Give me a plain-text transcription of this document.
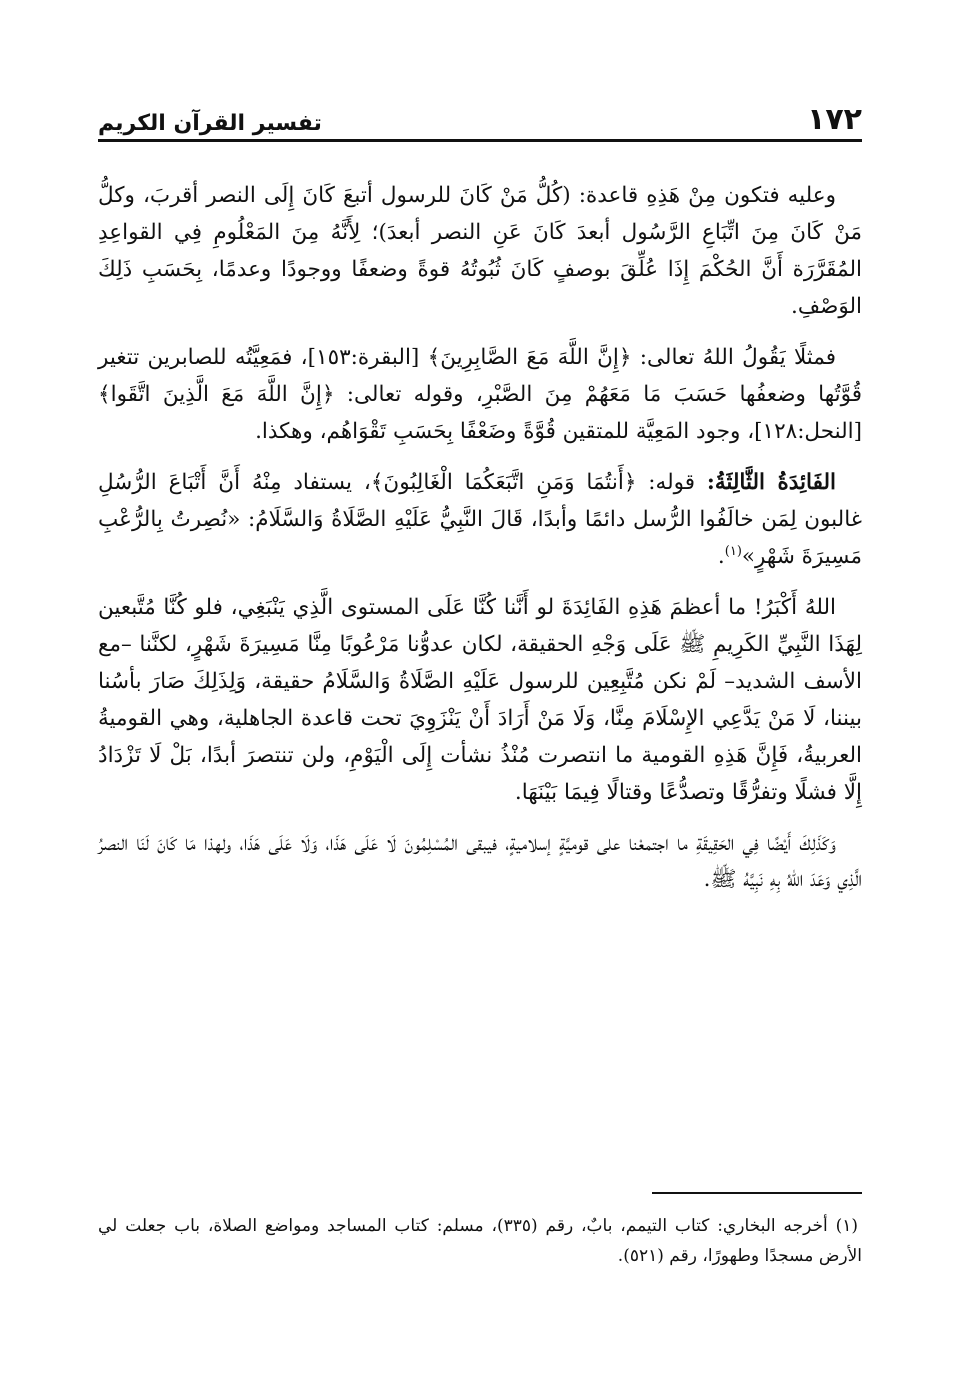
١٧٢
تفسير القرآن الكريم

وعليه فتكون مِنْ هَذِهِ قاعدة: (كُلُّ مَنْ كَانَ للرسول أتبعَ كَانَ إِلَى النصر أقربَ، وكلُّ مَنْ كَانَ مِنَ اتِّبَاعِ الرَّسُول أبعدَ كَانَ عَنِ النصر أبعدَ)؛ لِأَنَّهُ مِنَ المَعْلُومِ فِي القواعِدِ المُقَرَّرَة أَنَّ الحُكْمَ إِذَا عُلِّقَ بوصفٍ كَانَ ثُبُوتُهُ قوةً وضعفًا ووجودًا وعدمًا، بِحَسَبِ ذَلِكَ الوَصْفِ.

فمثلًا يَقُولُ اللهُ تعالى: ﴿إِنَّ اللَّهَ مَعَ الصَّابِرِينَ﴾ [البقرة:١٥٣]، فمَعِيَّتُه للصابرين تتغير قُوَّتُها وضعفُها حَسَبَ مَا مَعَهُمْ مِنَ الصَّبْرِ، وقوله تعالى: ﴿إِنَّ اللَّهَ مَعَ الَّذِينَ اتَّقَوا﴾ [النحل:١٢٨]، وجود المَعِيَّة للمتقين قُوَّةً وضَعْفًا بِحَسَبِ تَقْوَاهُم، وهكذا.

الفَائِدَةُ الثَّالِثَةُ: قوله: ﴿أَنتُمَا وَمَنِ اتَّبَعَكُمَا الْغَالِبُونَ﴾، يستفاد مِنْهُ أَنَّ أَتْبَاعَ الرُّسُلِ غالبون لِمَن خالَفُوا الرُّسل دائمًا وأبدًا، قَالَ النَّبِيُّ عَلَيْهِ الصَّلَاةُ وَالسَّلَامُ: «نُصِرتُ بِالرُّعْبِ مَسِيرَةَ شَهْرٍ»$^{(١)}$.

اللهُ أَكْبَرُ! ما أعظمَ هَذِهِ الفَائِدَةَ لو أَنَّنا كُنَّا عَلَى المستوى الَّذِي يَنْبَغِي، فلو كُنَّا مُتَّبعين لِهَذَا النَّبِيِّ الكَرِيمِ ﷺ عَلَى وَجْهِ الحقيقة، لكان عدوُّنا مَرْعُوبًا مِنَّا مَسِيرَةَ شَهْرٍ، لكنَّنا –مع الأسف الشديد– لَمْ نكن مُتَّبِعِين للرسول عَلَيْهِ الصَّلَاةُ وَالسَّلَامُ حقيقة، وَلِذَلِكَ صَارَ بأسُنا بيننا، لَا مَنْ يَدَّعِي الإِسْلَامَ مِنَّا، وَلَا مَنْ أَرَادَ أَنْ يَنْزَوِيَ تحت قاعدة الجاهلية، وهي القوميةُ العربيةُ، فَإِنَّ هَذِهِ القومية ما انتصرت مُنْذُ نشأت إِلَى الْيَوْمِ، ولن تنتصرَ أبدًا، بَلْ لَا تَزْدَادُ إِلَّا فشلًا وتفرُّقًا وتصدُّعًا وقتالًا فِيمَا بَيْنَهَا.

وَكَذَلِكَ أَيْضًا فِي الحَقِيقَةِ ما اجتمعْنا على قوميَّةٍ إسلاميةٍ، فيبقى المُسْلِمُونَ لَا عَلَى هَذَا، وَلَا عَلَى هَذَا، ولهذا مَا كَانَ لَنَا النصرُ الَّذِي وَعَدَ اللهُ بِهِ نَبِيَّهُ ﷺ.

(١) أخرجه البخاري: كتاب التيمم، بابٌ، رقم (٣٣٥)، مسلم: كتاب المساجد ومواضع الصلاة، باب جعلت لي الأرض مسجدًا وطهورًا، رقم (٥٢١).
